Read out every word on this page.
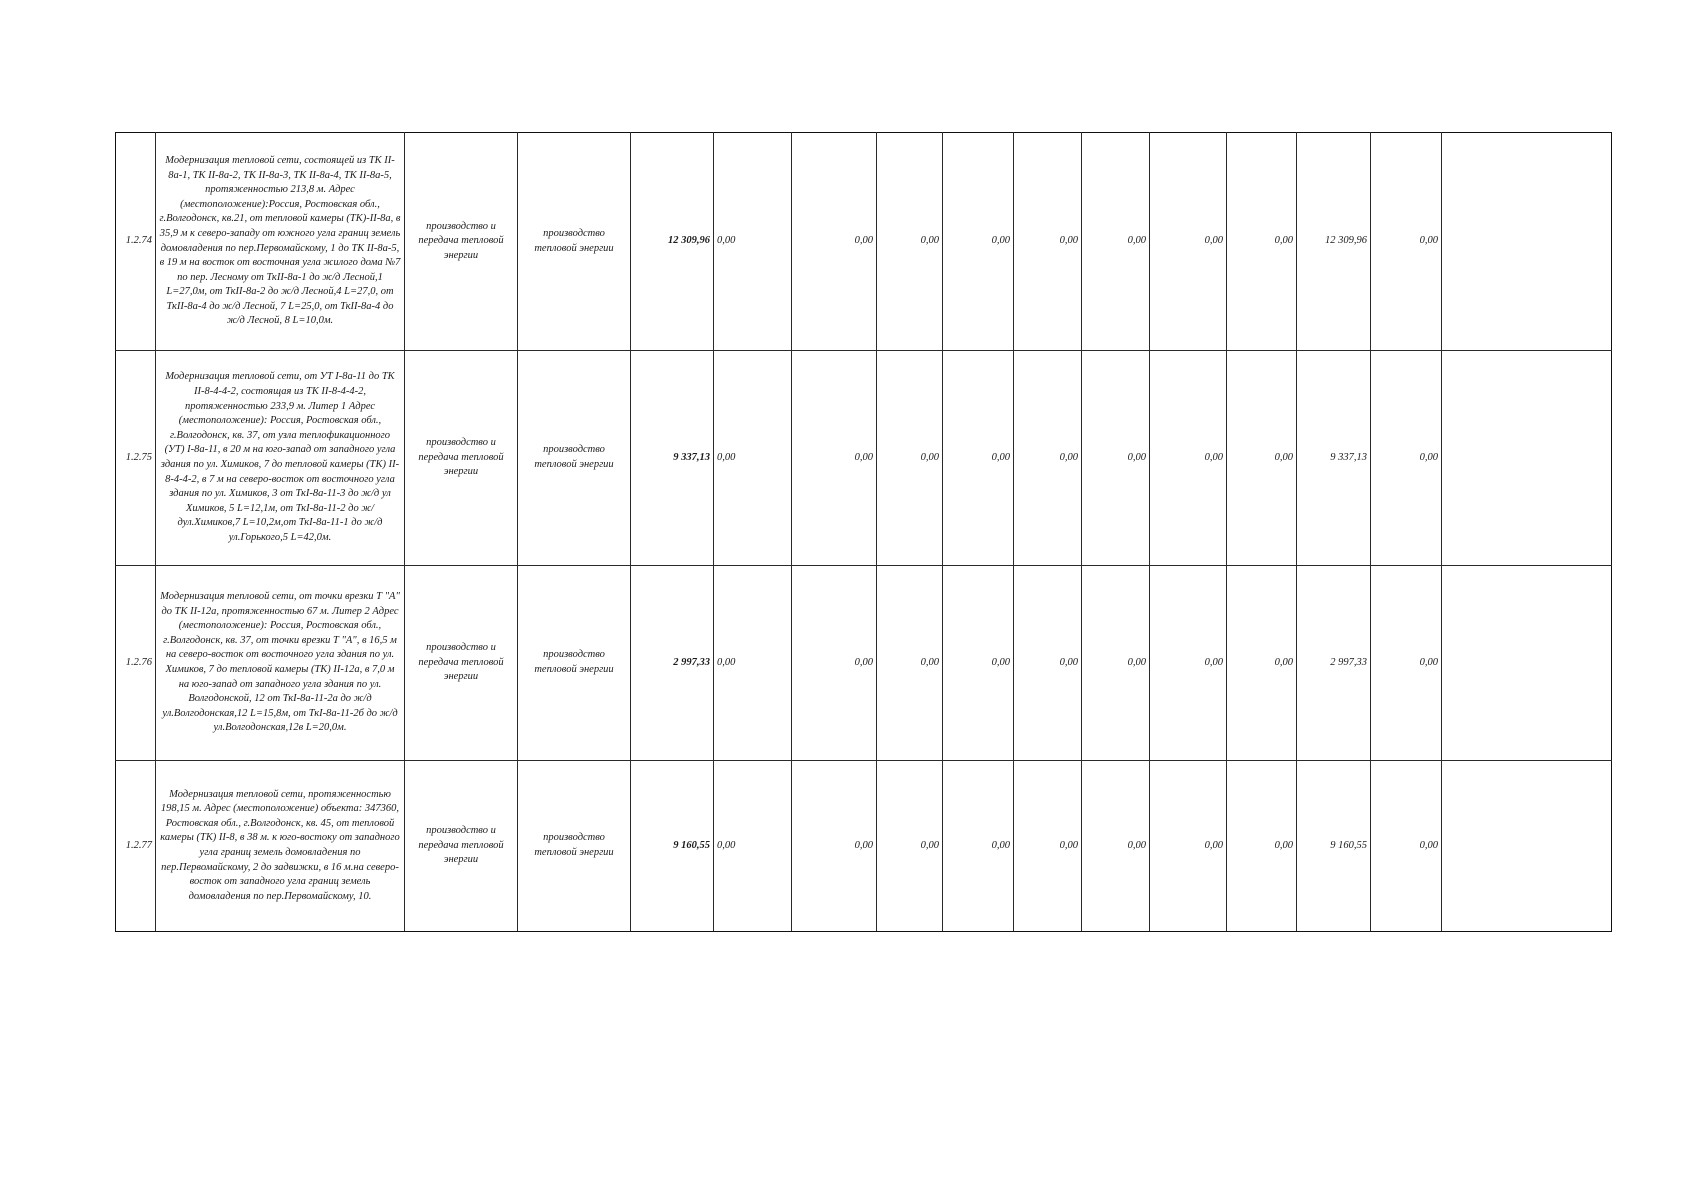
1.2.74	Модернизация тепловой сети, состоящей из ТК II-8а-1, ТК II-8а-2, ТК II-8а-3, ТК II-8а-4, ТК II-8а-5, протяженностью 213,8 м. Адрес (местоположение):Россия, Ростовская обл., г.Волгодонск, кв.21, от тепловой камеры (ТК)-II-8а, в 35,9 м к северо-западу от южного угла границ земель домовладения по пер.Первомайскому, 1 до ТК II-8а-5, в 19 м на восток от восточная угла жилого дома №7 по пер. Лесному от ТкII-8а-1 до ж/д Лесной,1 L=27,0м, от ТкII-8а-2 до ж/д Лесной,4 L=27,0, от ТкII-8а-4 до ж/д Лесной, 7 L=25,0, от ТкII-8а-4 до ж/д Лесной, 8 L=10,0м.	производство и передача тепловой энергии	производство тепловой энергии	12 309,96	0,00	0,00	0,00	0,00	0,00	0,00	0,00	0,00	12 309,96	0,00	
1.2.75	Модернизация тепловой сети, от УТ I-8а-11 до ТК II-8-4-4-2, состоящая из ТК II-8-4-4-2, протяженностью 233,9 м. Литер 1 Адрес (местоположение): Россия, Ростовская обл., г.Волгодонск, кв. 37, от узла теплофикационного (УТ) I-8а-11, в 20 м на юго-запад от западного угла здания по ул. Химиков, 7 до тепловой камеры (ТК) II-8-4-4-2, в 7 м на северо-восток от восточного угла здания по ул. Химиков, 3 от ТкI-8а-11-3 до ж/д ул Химиков, 5 L=12,1м, от ТкI-8а-11-2 до ж/дул.Химиков,7 L=10,2м,от ТкI-8а-11-1 до ж/д ул.Горького,5 L=42,0м.	производство и передача тепловой энергии	производство тепловой энергии	9 337,13	0,00	0,00	0,00	0,00	0,00	0,00	0,00	0,00	9 337,13	0,00	
1.2.76	Модернизация тепловой сети, от точки врезки Т "А" до ТК II-12а, протяженностью 67 м. Литер 2 Адрес (местоположение): Россия, Ростовская обл., г.Волгодонск, кв. 37, от точки врезки Т "А", в 16,5 м на северо-восток от восточного угла здания по ул. Химиков, 7 до тепловой камеры (ТК) II-12а, в 7,0 м на юго-запад от западного угла здания по ул. Волгодонской, 12 от ТкI-8а-11-2а до ж/д ул.Волгодонская,12 L=15,8м, от ТкI-8а-11-2б до ж/д ул.Волгодонская,12в L=20,0м.	производство и передача тепловой энергии	производство тепловой энергии	2 997,33	0,00	0,00	0,00	0,00	0,00	0,00	0,00	0,00	2 997,33	0,00	
1.2.77	Модернизация тепловой сети, протяженностью 198,15 м. Адрес (местоположение) объекта: 347360, Ростовская обл., г.Волгодонск, кв. 45, от тепловой камеры (ТК) II-8, в 38 м. к юго-востоку от западного угла границ земель домовладения по пер.Первомайскому, 2 до задвижки, в 16 м.на северо-восток от западного угла границ земель домовладения по пер.Первомайскому, 10.	производство и передача тепловой энергии	производство тепловой энергии	9 160,55	0,00	0,00	0,00	0,00	0,00	0,00	0,00	0,00	9 160,55	0,00	
